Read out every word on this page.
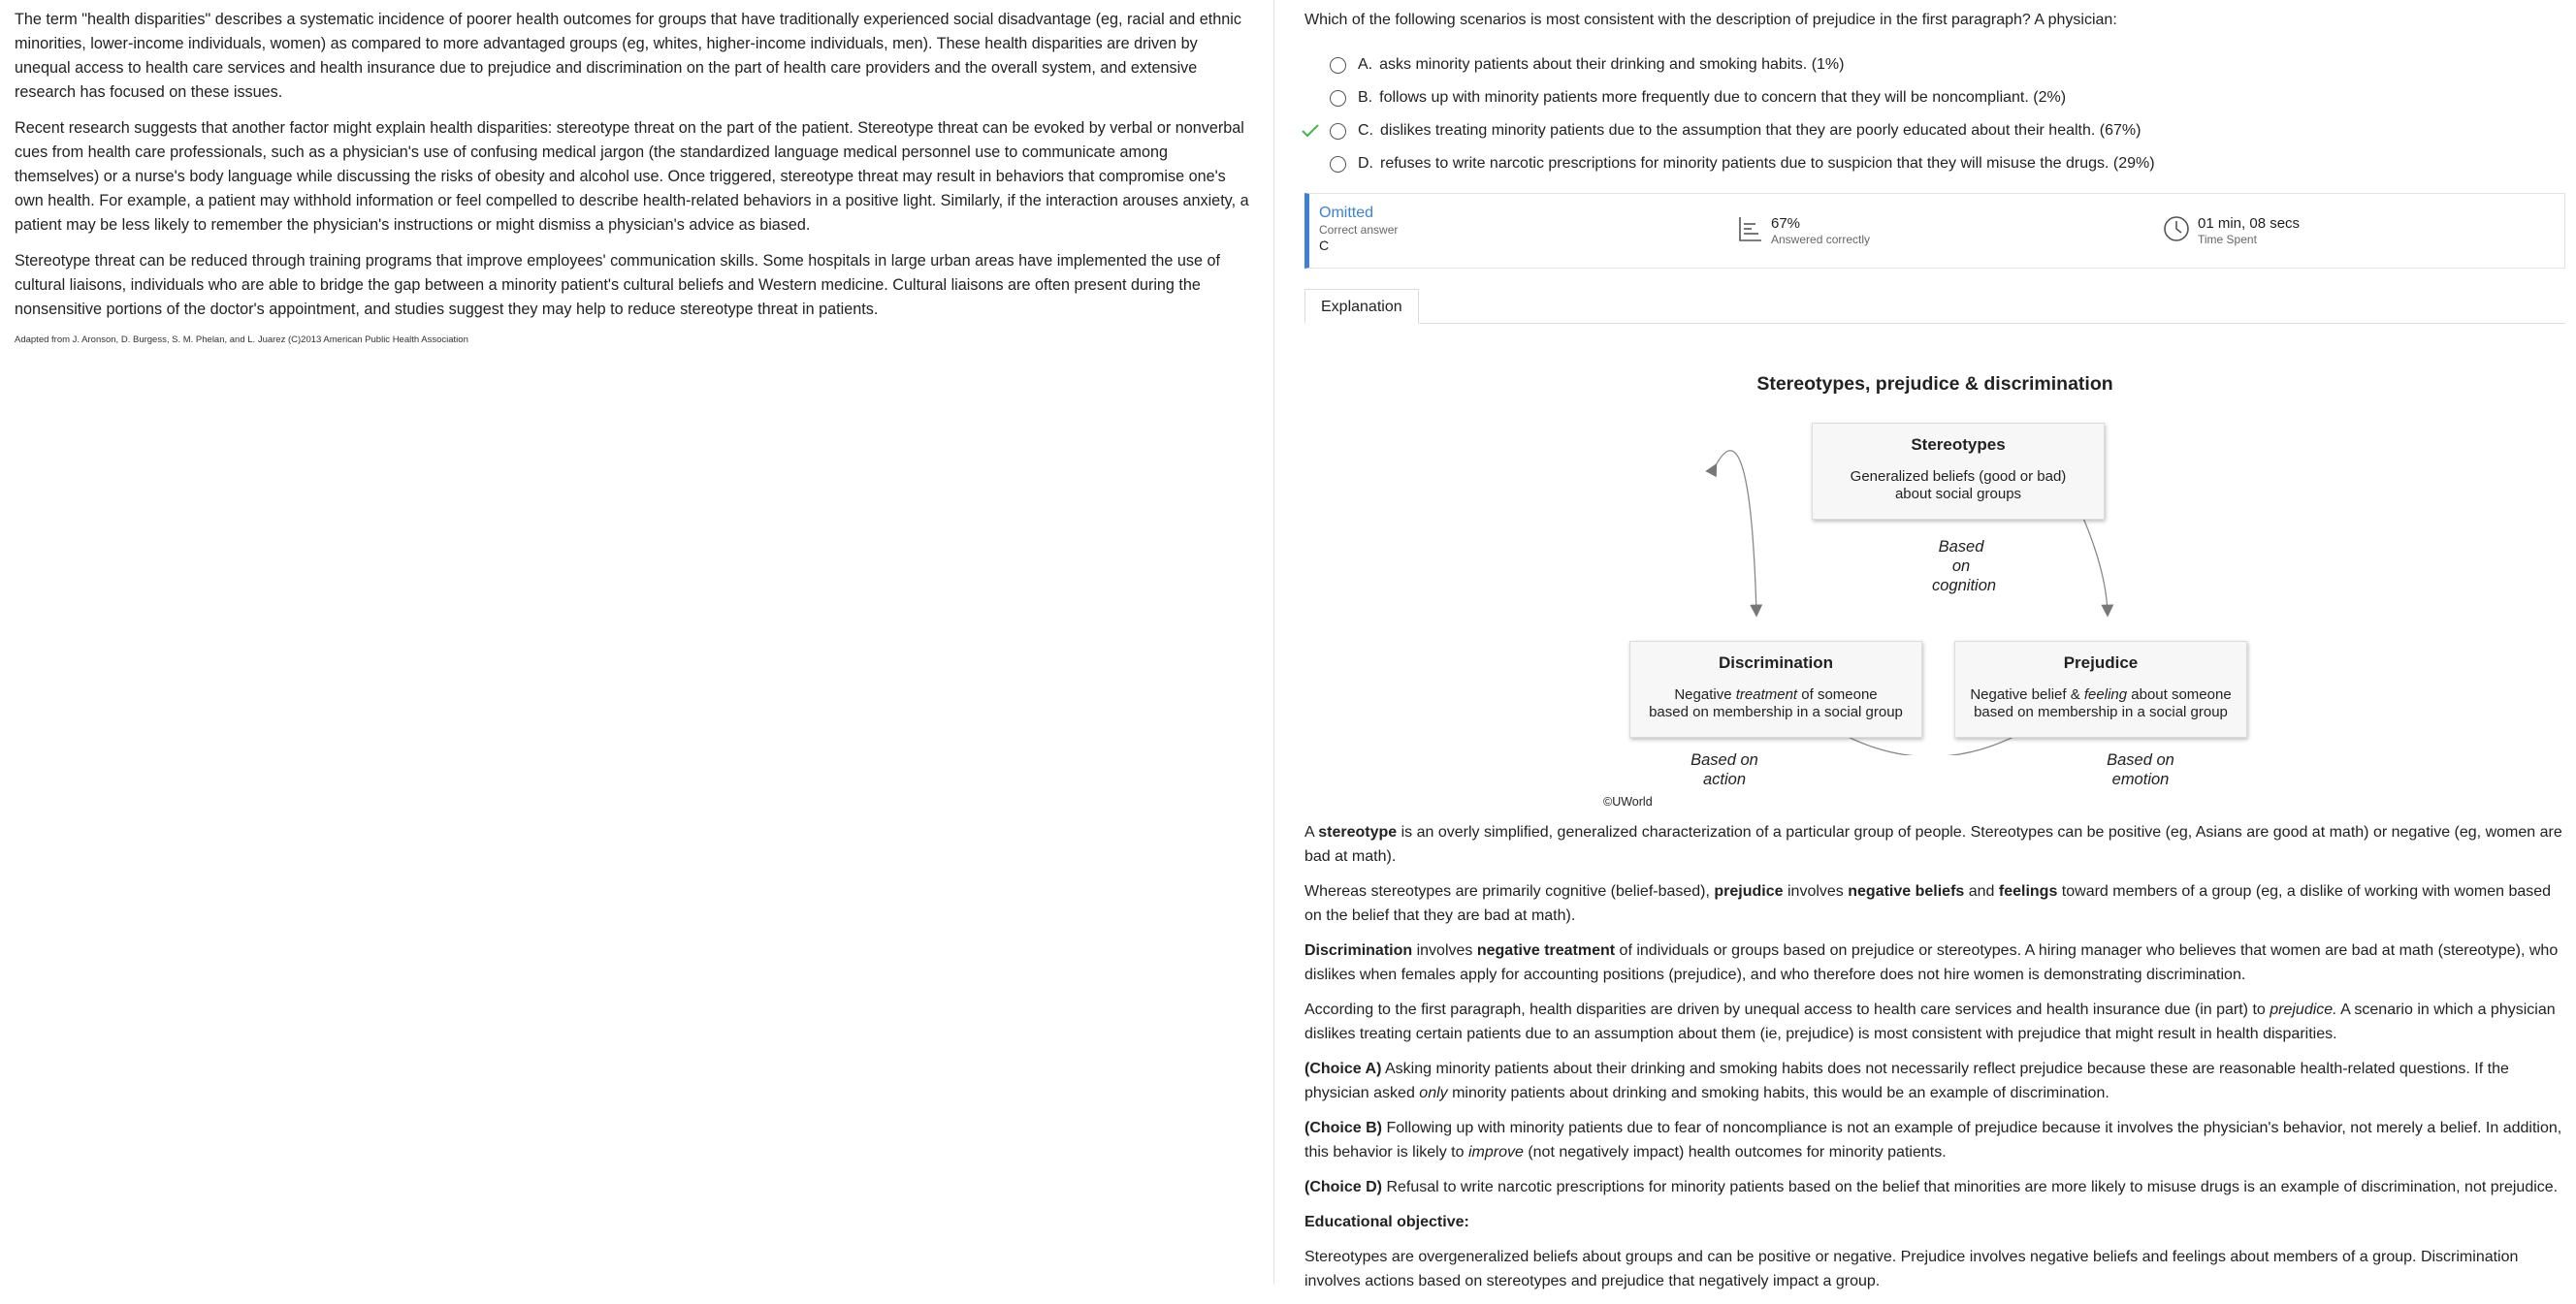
The term "health disparities" describes a systematic incidence of poorer health outcomes for groups that have traditionally experienced social disadvantage (eg, racial and ethnic minorities, lower-income individuals, women) as compared to more advantaged groups (eg, whites, higher-income individuals, men). These health disparities are driven by unequal access to health care services and health insurance due to prejudice and discrimination on the part of health care providers and the overall system, and extensive research has focused on these issues.

Recent research suggests that another factor might explain health disparities: stereotype threat on the part of the patient. Stereotype threat can be evoked by verbal or nonverbal cues from health care professionals, such as a physician's use of confusing medical jargon (the standardized language medical personnel use to communicate among themselves) or a nurse's body language while discussing the risks of obesity and alcohol use. Once triggered, stereotype threat may result in behaviors that compromise one's own health. For example, a patient may withhold information or feel compelled to describe health-related behaviors in a positive light. Similarly, if the interaction arouses anxiety, a patient may be less likely to remember the physician's instructions or might dismiss a physician's advice as biased.

Stereotype threat can be reduced through training programs that improve employees' communication skills. Some hospitals in large urban areas have implemented the use of cultural liaisons, individuals who are able to bridge the gap between a minority patient's cultural beliefs and Western medicine. Cultural liaisons are often present during the nonsensitive portions of the doctor's appointment, and studies suggest they may help to reduce stereotype threat in patients.

Adapted from J. Aronson, D. Burgess, S. M. Phelan, and L. Juarez (C)2013 American Public Health Association

Which of the following scenarios is most consistent with the description of prejudice in the first paragraph? A physician:
A. asks minority patients about their drinking and smoking habits. (1%)
B. follows up with minority patients more frequently due to concern that they will be noncompliant. (2%)
C. dislikes treating minority patients due to the assumption that they are poorly educated about their health. (67%)
D. refuses to write narcotic prescriptions for minority patients due to suspicion that they will misuse the drugs. (29%)
Omitted
Correct answer
C
67%
Answered correctly
01 min, 08 secs
Time Spent
Explanation
Stereotypes, prejudice & discrimination
Stereotypes
Generalized beliefs (good or bad)
about social groups
Based on
cognition
Discrimination
Negative treatment of someone
based on membership in a social group
Based on
action
Prejudice
Negative belief & feeling about someone
based on membership in a social group
Based on
emotion
©UWorld

A stereotype is an overly simplified, generalized characterization of a particular group of people. Stereotypes can be positive (eg, Asians are good at math) or negative (eg, women are bad at math).

Whereas stereotypes are primarily cognitive (belief-based), prejudice involves negative beliefs and feelings toward members of a group (eg, a dislike of working with women based on the belief that they are bad at math).

Discrimination involves negative treatment of individuals or groups based on prejudice or stereotypes. A hiring manager who believes that women are bad at math (stereotype), who dislikes when females apply for accounting positions (prejudice), and who therefore does not hire women is demonstrating discrimination.

According to the first paragraph, health disparities are driven by unequal access to health care services and health insurance due (in part) to prejudice. A scenario in which a physician dislikes treating certain patients due to an assumption about them (ie, prejudice) is most consistent with prejudice that might result in health disparities.

(Choice A) Asking minority patients about their drinking and smoking habits does not necessarily reflect prejudice because these are reasonable health-related questions. If the physician asked only minority patients about drinking and smoking habits, this would be an example of discrimination.

(Choice B) Following up with minority patients due to fear of noncompliance is not an example of prejudice because it involves the physician's behavior, not merely a belief. In addition, this behavior is likely to improve (not negatively impact) health outcomes for minority patients.

(Choice D) Refusal to write narcotic prescriptions for minority patients based on the belief that minorities are more likely to misuse drugs is an example of discrimination, not prejudice.

Educational objective:

Stereotypes are overgeneralized beliefs about groups and can be positive or negative. Prejudice involves negative beliefs and feelings about members of a group. Discrimination involves actions based on stereotypes and prejudice that negatively impact a group.
